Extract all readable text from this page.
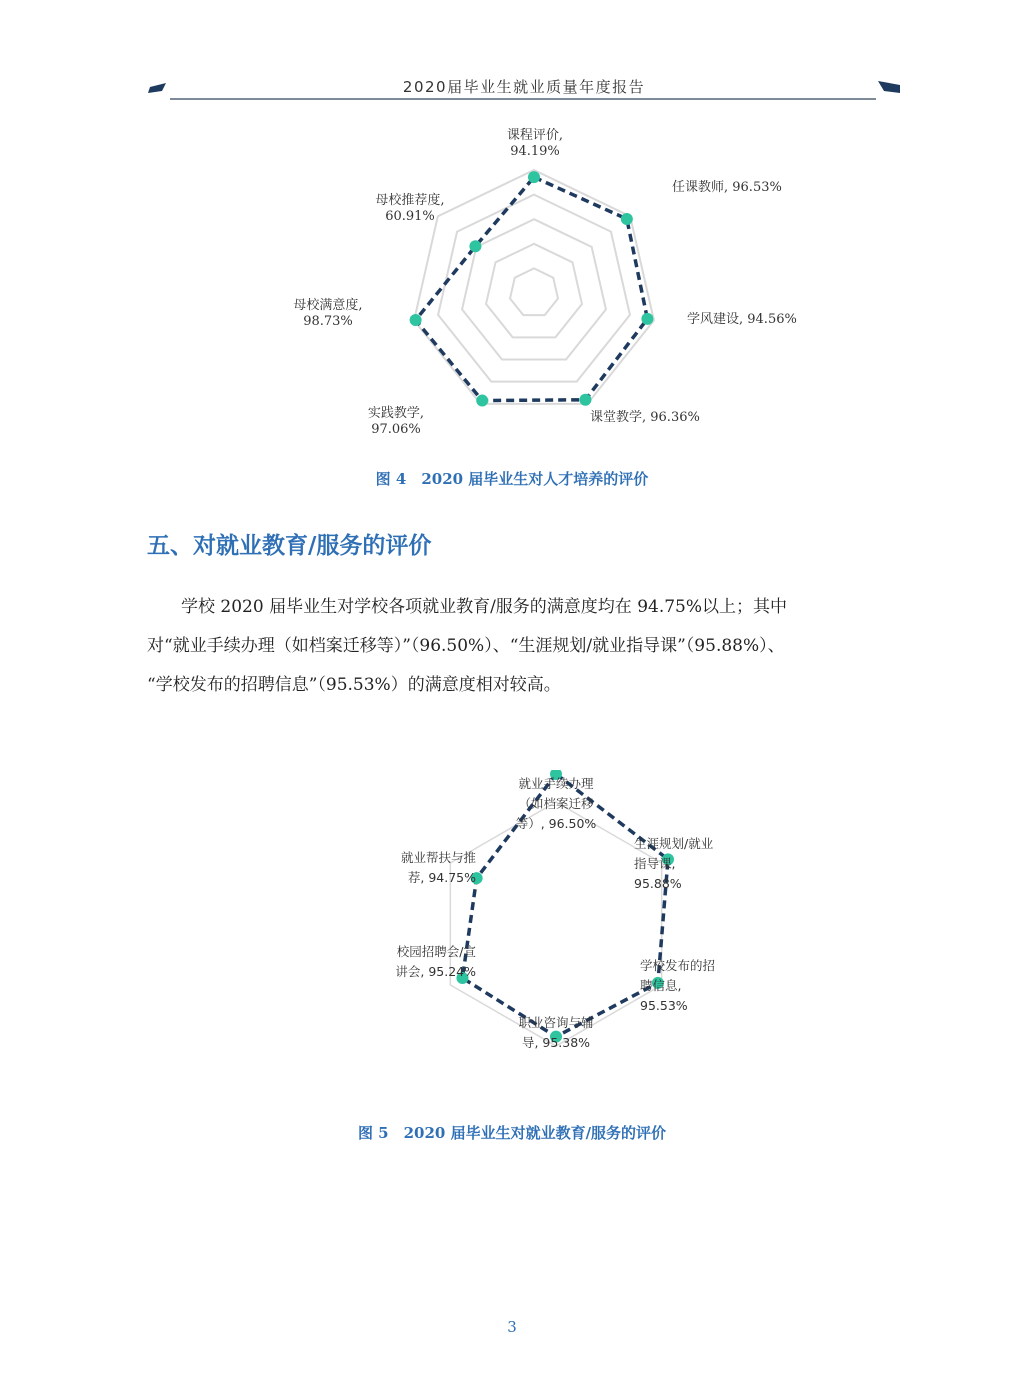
2020届毕业生就业质量年度报告
课程评价, 94.19%
任课教师, 96.53%
学风建设, 94.56%
课堂教学, 96.36%
实践教学, 97.06%
母校满意度, 98.73%
母校推荐度, 60.91%
图 4　2020 届毕业生对人才培养的评价
五、对就业教育/服务的评价
　　学校 2020 届毕业生对学校各项就业教育/服务的满意度均在 94.75%以上；其中
对“就业手续办理（如档案迁移等）”（96.50%）、“生涯规划/就业指导课”（95.88%）、
“学校发布的招聘信息”（95.53%）的满意度相对较高。
就业手续办理（如档案迁移等）, 96.50%
生涯规划/就业指导课, 95.88%
学校发布的招聘信息, 95.53%
职业咨询与辅导, 95.38%
校园招聘会/宣讲会, 95.24%
就业帮扶与推荐, 94.75%
图 5　2020 届毕业生对就业教育/服务的评价
3
